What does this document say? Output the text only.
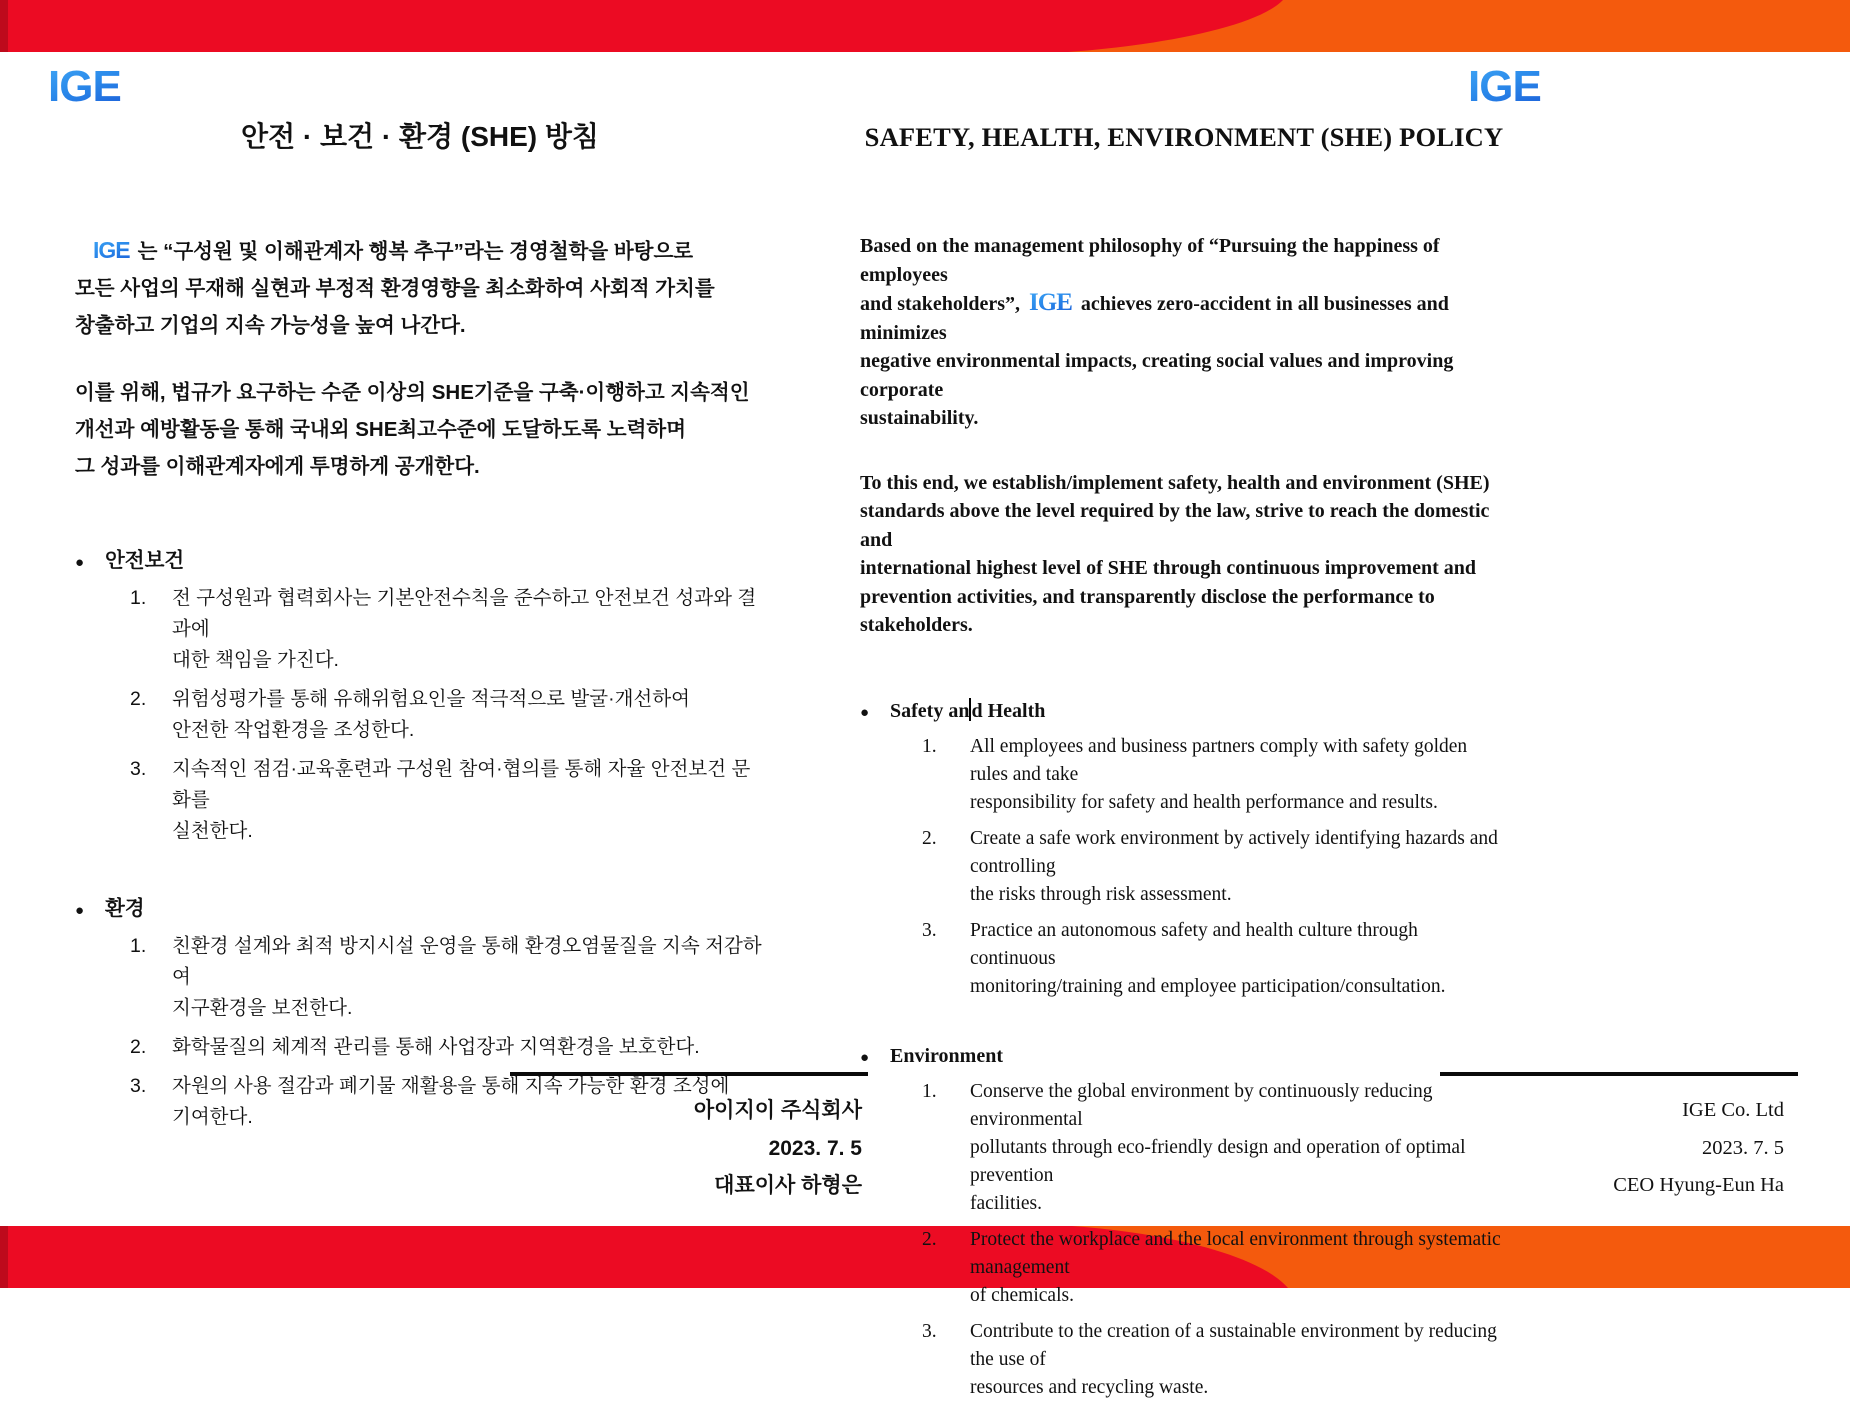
IGE	IGE
안전 · 보건 · 환경 (SHE) 방침
IGE 는 “구성원 및 이해관계자 행복 추구”라는 경영철학을 바탕으로
모든 사업의 무재해 실현과 부정적 환경영향을 최소화하여 사회적 가치를
창출하고 기업의 지속 가능성을 높여 나간다.
이를 위해, 법규가 요구하는 수준 이상의 SHE기준을 구축·이행하고 지속적인
개선과 예방활동을 통해 국내외 SHE최고수준에 도달하도록 노력하며
그 성과를 이해관계자에게 투명하게 공개한다.
●	안전보건
1.	전 구성원과 협력회사는 기본안전수칙을 준수하고 안전보건 성과와 결과에
대한 책임을 가진다.
2.	위험성평가를 통해 유해위험요인을 적극적으로 발굴·개선하여
안전한 작업환경을 조성한다.
3.	지속적인 점검·교육훈련과 구성원 참여·협의를 통해 자율 안전보건 문화를
실천한다.
●	환경
1.	친환경 설계와 최적 방지시설 운영을 통해 환경오염물질을 지속 저감하여
지구환경을 보전한다.
2.	화학물질의 체계적 관리를 통해 사업장과 지역환경을 보호한다.
3.	자원의 사용 절감과 폐기물 재활용을 통해 지속 가능한 환경 조성에
기여한다.
SAFETY, HEALTH, ENVIRONMENT (SHE) POLICY
Based on the management philosophy of “Pursuing the happiness of employees
and stakeholders”, IGE achieves zero-accident in all businesses and minimizes
negative environmental impacts, creating social values and improving corporate
sustainability.
To this end, we establish/implement safety, health and environment (SHE)
standards above the level required by the law, strive to reach the domestic and
international highest level of SHE through continuous improvement and
prevention activities, and transparently disclose the performance to stakeholders.
●	Safety an d Health
1.	All employees and business partners comply with safety golden rules and take
responsibility for safety and health performance and results.
2.	Create a safe work environment by actively identifying hazards and controlling
the risks through risk assessment.
3.	Practice an autonomous safety and health culture through continuous
monitoring/training and employee participation/consultation.
●	Environment
1.	Conserve the global environment by continuously reducing environmental
pollutants through eco-friendly design and operation of optimal prevention
facilities.
2.	Protect the workplace and the local environment through systematic management
of chemicals.
3.	Contribute to the creation of a sustainable environment by reducing the use of
resources and recycling waste.
아이지이 주식회사
2023. 7. 5
대표이사 하형은
IGE Co. Ltd
2023. 7. 5
CEO Hyung-Eun Ha
